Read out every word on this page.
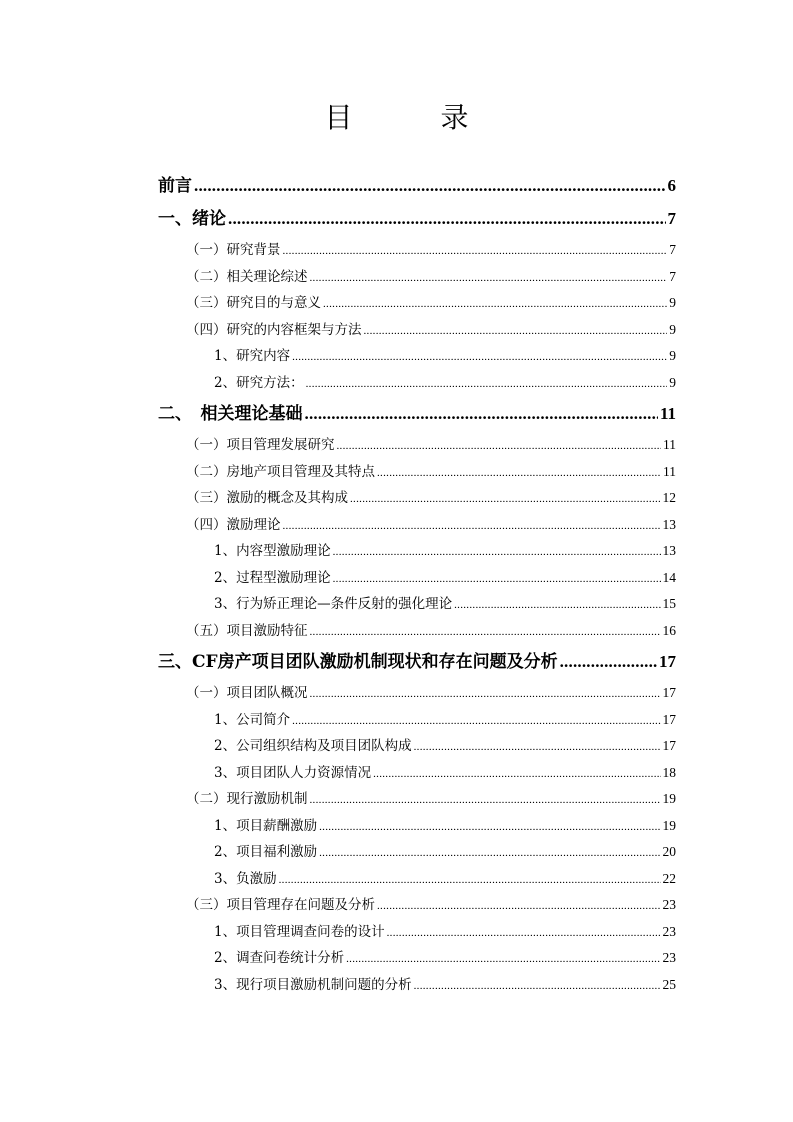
目　录
前言 .....	6
一、绪论 .....	7
（一）研究背景 .....	7
（二）相关理论综述 .....	7
（三）研究目的与意义 .....	9
（四）研究的内容框架与方法 .....	9
1、研究内容 .....	9
2、研究方法： .....	9
二、　相关理论基础 .....	11
（一）项目管理发展研究 .....	11
（二）房地产项目管理及其特点 .....	11
（三）激励的概念及其构成 .....	12
（四）激励理论 .....	13
1、内容型激励理论 .....	13
2、过程型激励理论 .....	14
3、行为矫正理论—条件反射的强化理论 .....	15
（五）项目激励特征 .....	16
三、CF房产项目团队激励机制现状和存在问题及分析 .....	17
（一）项目团队概况 .....	17
1、公司简介 .....	17
2、公司组织结构及项目团队构成 .....	17
3、项目团队人力资源情况 .....	18
（二）现行激励机制 .....	19
1、项目薪酬激励 .....	19
2、项目福利激励 .....	20
3、负激励 .....	22
（三）项目管理存在问题及分析 .....	23
1、项目管理调查问卷的设计 .....	23
2、调查问卷统计分析 .....	23
3、现行项目激励机制问题的分析 .....	25
